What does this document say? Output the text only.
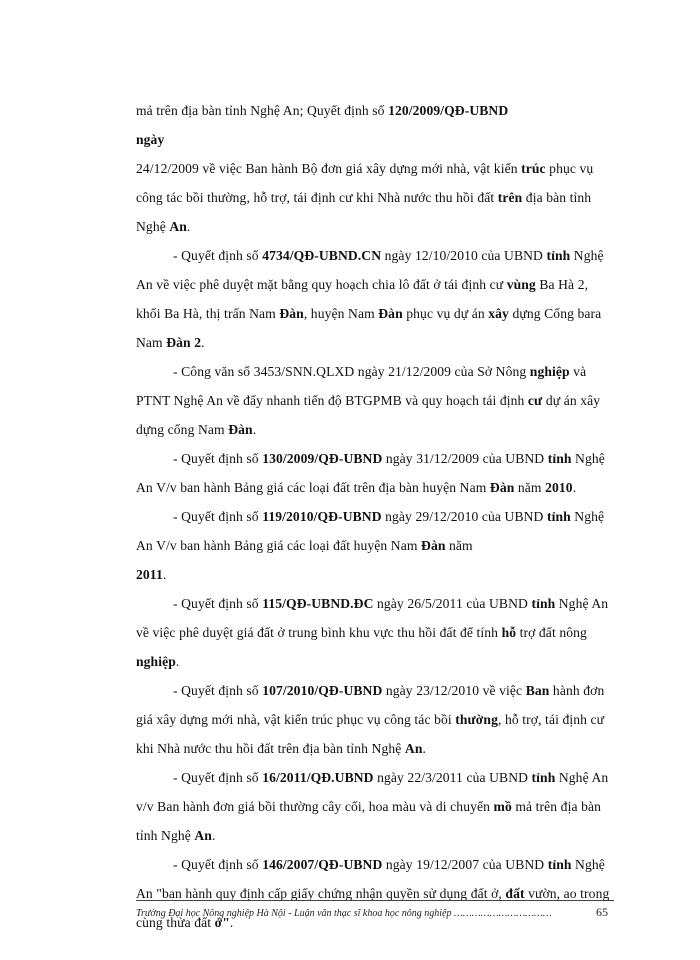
mả trên địa bàn tỉnh Nghệ An; Quyết định số 120/2009/QĐ-UBND
ngày
24/12/2009 về việc Ban hành Bộ đơn giá xây dựng mới nhà, vật kiến trúc phục vụ công tác bồi thường, hỗ trợ, tái định cư khi Nhà nước thu hồi đất trên địa bàn tỉnh Nghệ An.

- Quyết định số 4734/QĐ-UBND.CN ngày 12/10/2010 của UBND tỉnh Nghệ An về việc phê duyệt mặt bằng quy hoạch chia lô đất ở tái định cư vùng Ba Hà 2, khối Ba Hà, thị trấn Nam Đàn, huyện Nam Đàn phục vụ dự án xây dựng Cống bara Nam Đàn 2.

- Công văn số 3453/SNN.QLXD ngày 21/12/2009 của Sở Nông nghiệp và PTNT Nghệ An về đẩy nhanh tiến độ BTGPMB và quy hoạch tái định cư dự án xây dựng cống Nam Đàn.

- Quyết định số 130/2009/QĐ-UBND ngày 31/12/2009 của UBND tỉnh Nghệ An V/v ban hành Bảng giá các loại đất trên địa bàn huyện Nam Đàn năm 2010.

- Quyết định số 119/2010/QĐ-UBND ngày 29/12/2010 của UBND tỉnh Nghệ An V/v ban hành Bảng giá các loại đất huyện Nam Đàn năm
2011.

- Quyết định số 115/QĐ-UBND.ĐC ngày 26/5/2011 của UBND tỉnh Nghệ An về việc phê duyệt giá đất ở trung bình khu vực thu hồi đất để tính hỗ trợ đất nông nghiệp.

- Quyết định số 107/2010/QĐ-UBND ngày 23/12/2010 về việc Ban hành đơn giá xây dựng mới nhà, vật kiến trúc phục vụ công tác bồi thường, hỗ trợ, tái định cư khi Nhà nước thu hồi đất trên địa bàn tỉnh Nghệ An.

- Quyết định số 16/2011/QĐ.UBND ngày 22/3/2011 của UBND tỉnh Nghệ An v/v Ban hành đơn giá bồi thường cây cối, hoa màu và di chuyển mồ mả trên địa bàn tỉnh Nghệ An.

- Quyết định số 146/2007/QĐ-UBND ngày 19/12/2007 của UBND tỉnh Nghệ An "ban hành quy định cấp giấy chứng nhận quyền sử dụng đất ở, đất vườn, ao trong cùng thửa đất ở".

Trường Đại học Nông nghiệp Hà Nội - Luận văn thạc sĩ khoa học nông nghiệp ……………………………	65
